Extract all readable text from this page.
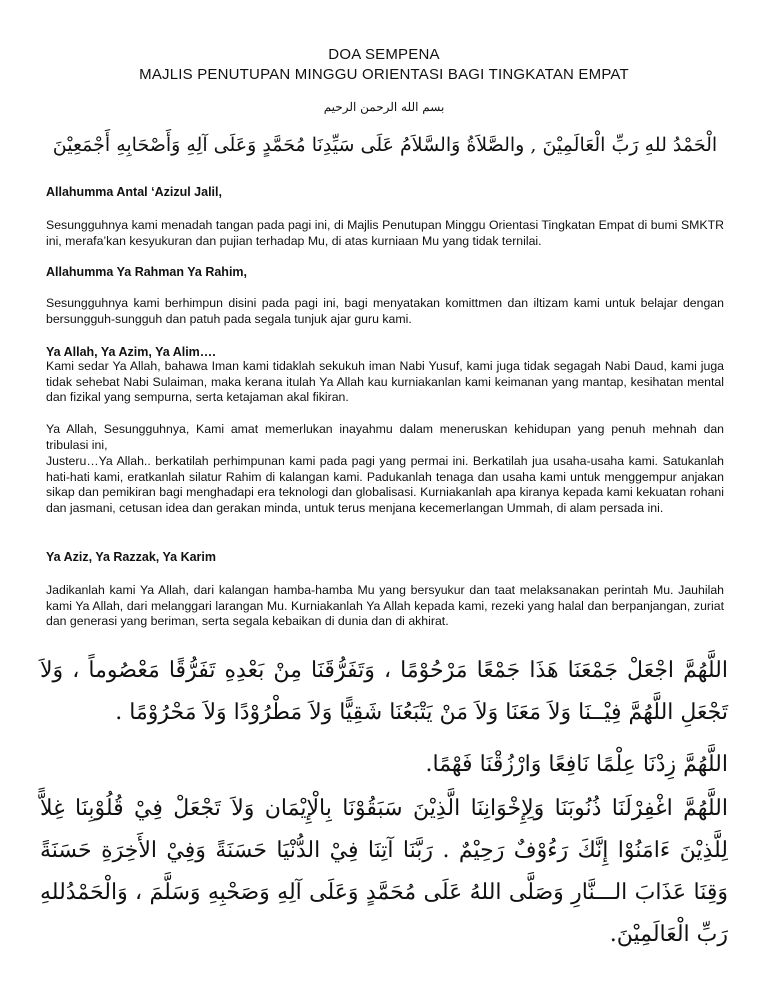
DOA SEMPENA
MAJLIS PENUTUPAN MINGGU ORIENTASI BAGI TINGKATAN EMPAT
بسم الله الرحمن الرحيم
الْحَمْدُ للهِ رَبِّ الْعَالَمِيْنَ , والصَّلاَةُ وَالسَّلاَمُ عَلَى سَيِّدِنَا مُحَمَّدٍ وَعَلَى آلِهِ وَأَصْحَابِهِ أَجْمَعِيْنَ
Allahumma Antal ‘Azizul Jalil,
Sesungguhnya kami menadah tangan pada pagi ini, di Majlis Penutupan Minggu Orientasi Tingkatan Empat di bumi SMKTR ini, merafa’kan kesyukuran dan pujian terhadap Mu, di atas kurniaan Mu yang tidak ternilai.
Allahumma Ya Rahman Ya Rahim,
Sesungguhnya kami berhimpun disini pada pagi ini, bagi menyatakan komittmen dan iltizam kami untuk belajar dengan bersungguh-sungguh dan patuh pada segala tunjuk ajar guru kami.
Ya Allah, Ya Azim, Ya Alim….
Kami sedar Ya Allah, bahawa Iman kami tidaklah sekukuh iman Nabi Yusuf, kami juga tidak segagah Nabi Daud, kami juga tidak sehebat Nabi Sulaiman, maka kerana itulah Ya Allah kau kurniakanlan kami keimanan yang mantap, kesihatan mental dan fizikal yang sempurna, serta ketajaman akal fikiran.
Ya Allah, Sesungguhnya, Kami amat memerlukan inayahmu dalam meneruskan kehidupan yang penuh mehnah dan tribulasi ini,
Justeru…Ya Allah.. berkatilah perhimpunan kami pada pagi yang permai ini. Berkatilah jua usaha-usaha kami. Satukanlah hati-hati kami, eratkanlah silatur Rahim di kalangan kami. Padukanlah tenaga dan usaha kami untuk menggempur anjakan sikap dan pemikiran bagi menghadapi era teknologi dan globalisasi. Kurniakanlah apa kiranya kepada kami kekuatan rohani dan jasmani, cetusan idea dan gerakan minda, untuk terus menjana kecemerlangan Ummah, di alam persada ini.
Ya Aziz, Ya Razzak, Ya Karim
Jadikanlah kami Ya Allah, dari kalangan hamba-hamba Mu yang bersyukur dan taat melaksanakan perintah Mu. Jauhilah kami Ya Allah, dari melanggari larangan Mu. Kurniakanlah Ya Allah kepada kami, rezeki yang halal dan berpanjangan, zuriat dan generasi yang beriman, serta segala kebaikan di dunia dan di akhirat.
اللَّهُمَّ اجْعَلْ جَمْعَنَا هَذَا جَمْعًا مَرْحُوْمًا ، وَتَفَرُّقَنَا مِنْ بَعْدِهِ تَفَرُّقًا مَعْصُوماً ، وَلاَ تَجْعَلِ اللَّهُمَّ فِيْــنَا وَلاَ مَعَنَا وَلاَ مَنْ يَتْبَعُنَا شَقِيًّا وَلاَ مَطْرُوْدًا وَلاَ مَحْرُوْمًا .
اللَّهُمَّ زِدْنَا عِلْمًا نَافِعًا وَارْزُقْنَا فَهْمًا.
اللَّهُمَّ اغْفِرْلَنَا ذُنُوبَنَا وَلِإِخْوَانِنَا الَّذِيْنَ سَبَقُوْنَا بِالْإِيْمَان وَلاَ تَجْعَلْ فِيْ قُلُوْبِنَا غِلاًّ لِلَّذِيْنَ ءَامَنُوْا إِنَّكَ رَءُوْفٌ رَحِيْمٌ . رَبَّنَا آتِنَا فِيْ الدُّنْيَا حَسَنَةً وَفِيْ الأَخِرَةِ حَسَنَةً وَقِنَا عَذَابَ الـــنَّارِ وَصَلَّى اللهُ عَلَى مُحَمَّدٍ وَعَلَى آلِهِ وَصَحْبِهِ وَسَلَّمَ ، وَالْحَمْدُللهِ رَبِّ الْعَالَمِيْنَ.
